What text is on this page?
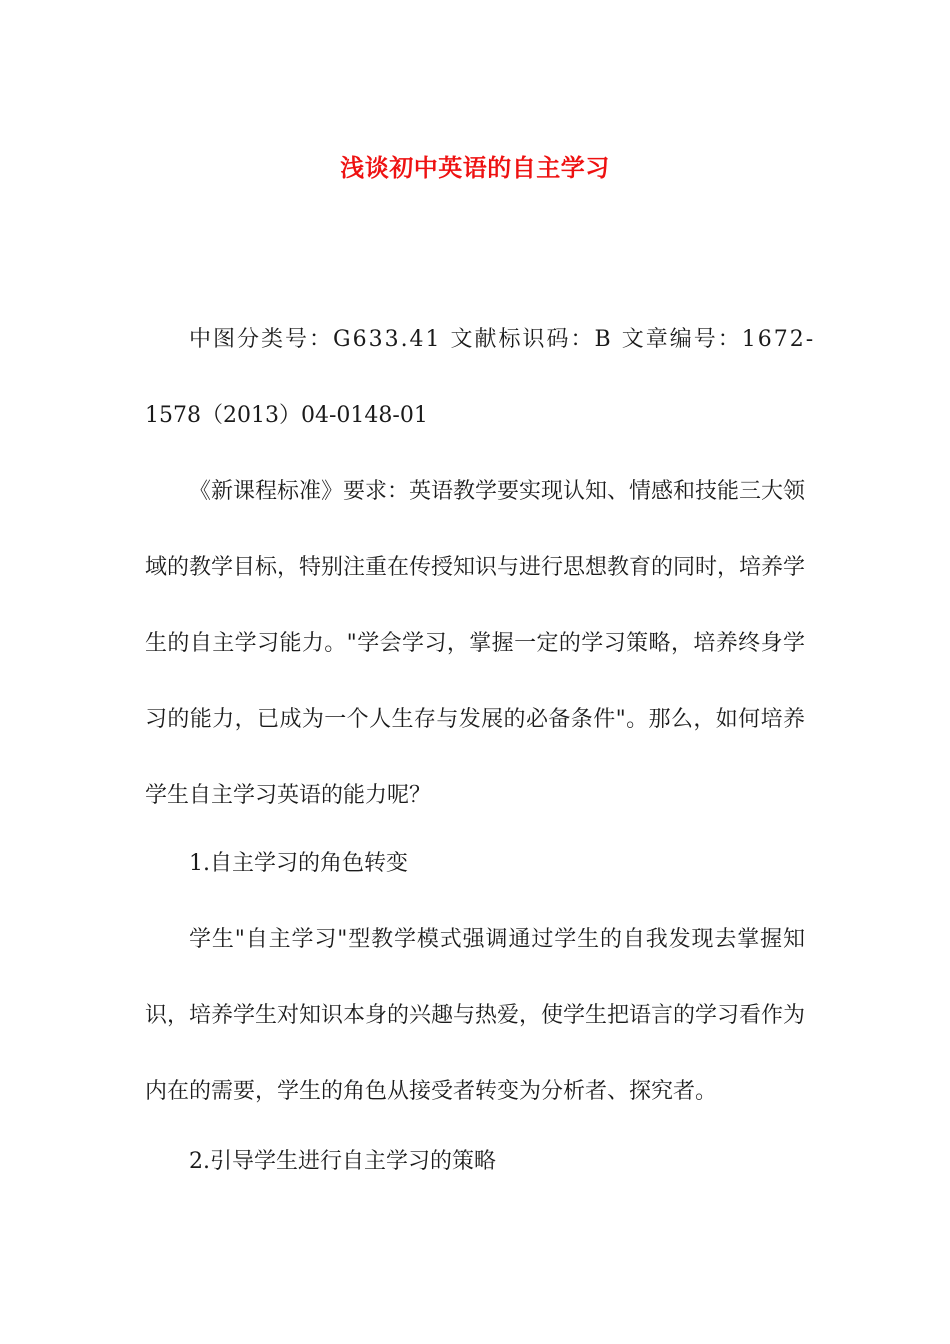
浅谈初中英语的自主学习

中图分类号：G633.41 文献标识码：B 文章编号：1672-

1578（2013）04-0148-01

《新课程标准》要求：英语教学要实现认知、情感和技能三大领域的教学目标，特别注重在传授知识与进行思想教育的同时，培养学生的自主学习能力。"学会学习，掌握一定的学习策略，培养终身学习的能力，已成为一个人生存与发展的必备条件"。那么，如何培养学生自主学习英语的能力呢？

1.自主学习的角色转变

学生"自主学习"型教学模式强调通过学生的自我发现去掌握知识，培养学生对知识本身的兴趣与热爱，使学生把语言的学习看作为内在的需要，学生的角色从接受者转变为分析者、探究者。

2.引导学生进行自主学习的策略
